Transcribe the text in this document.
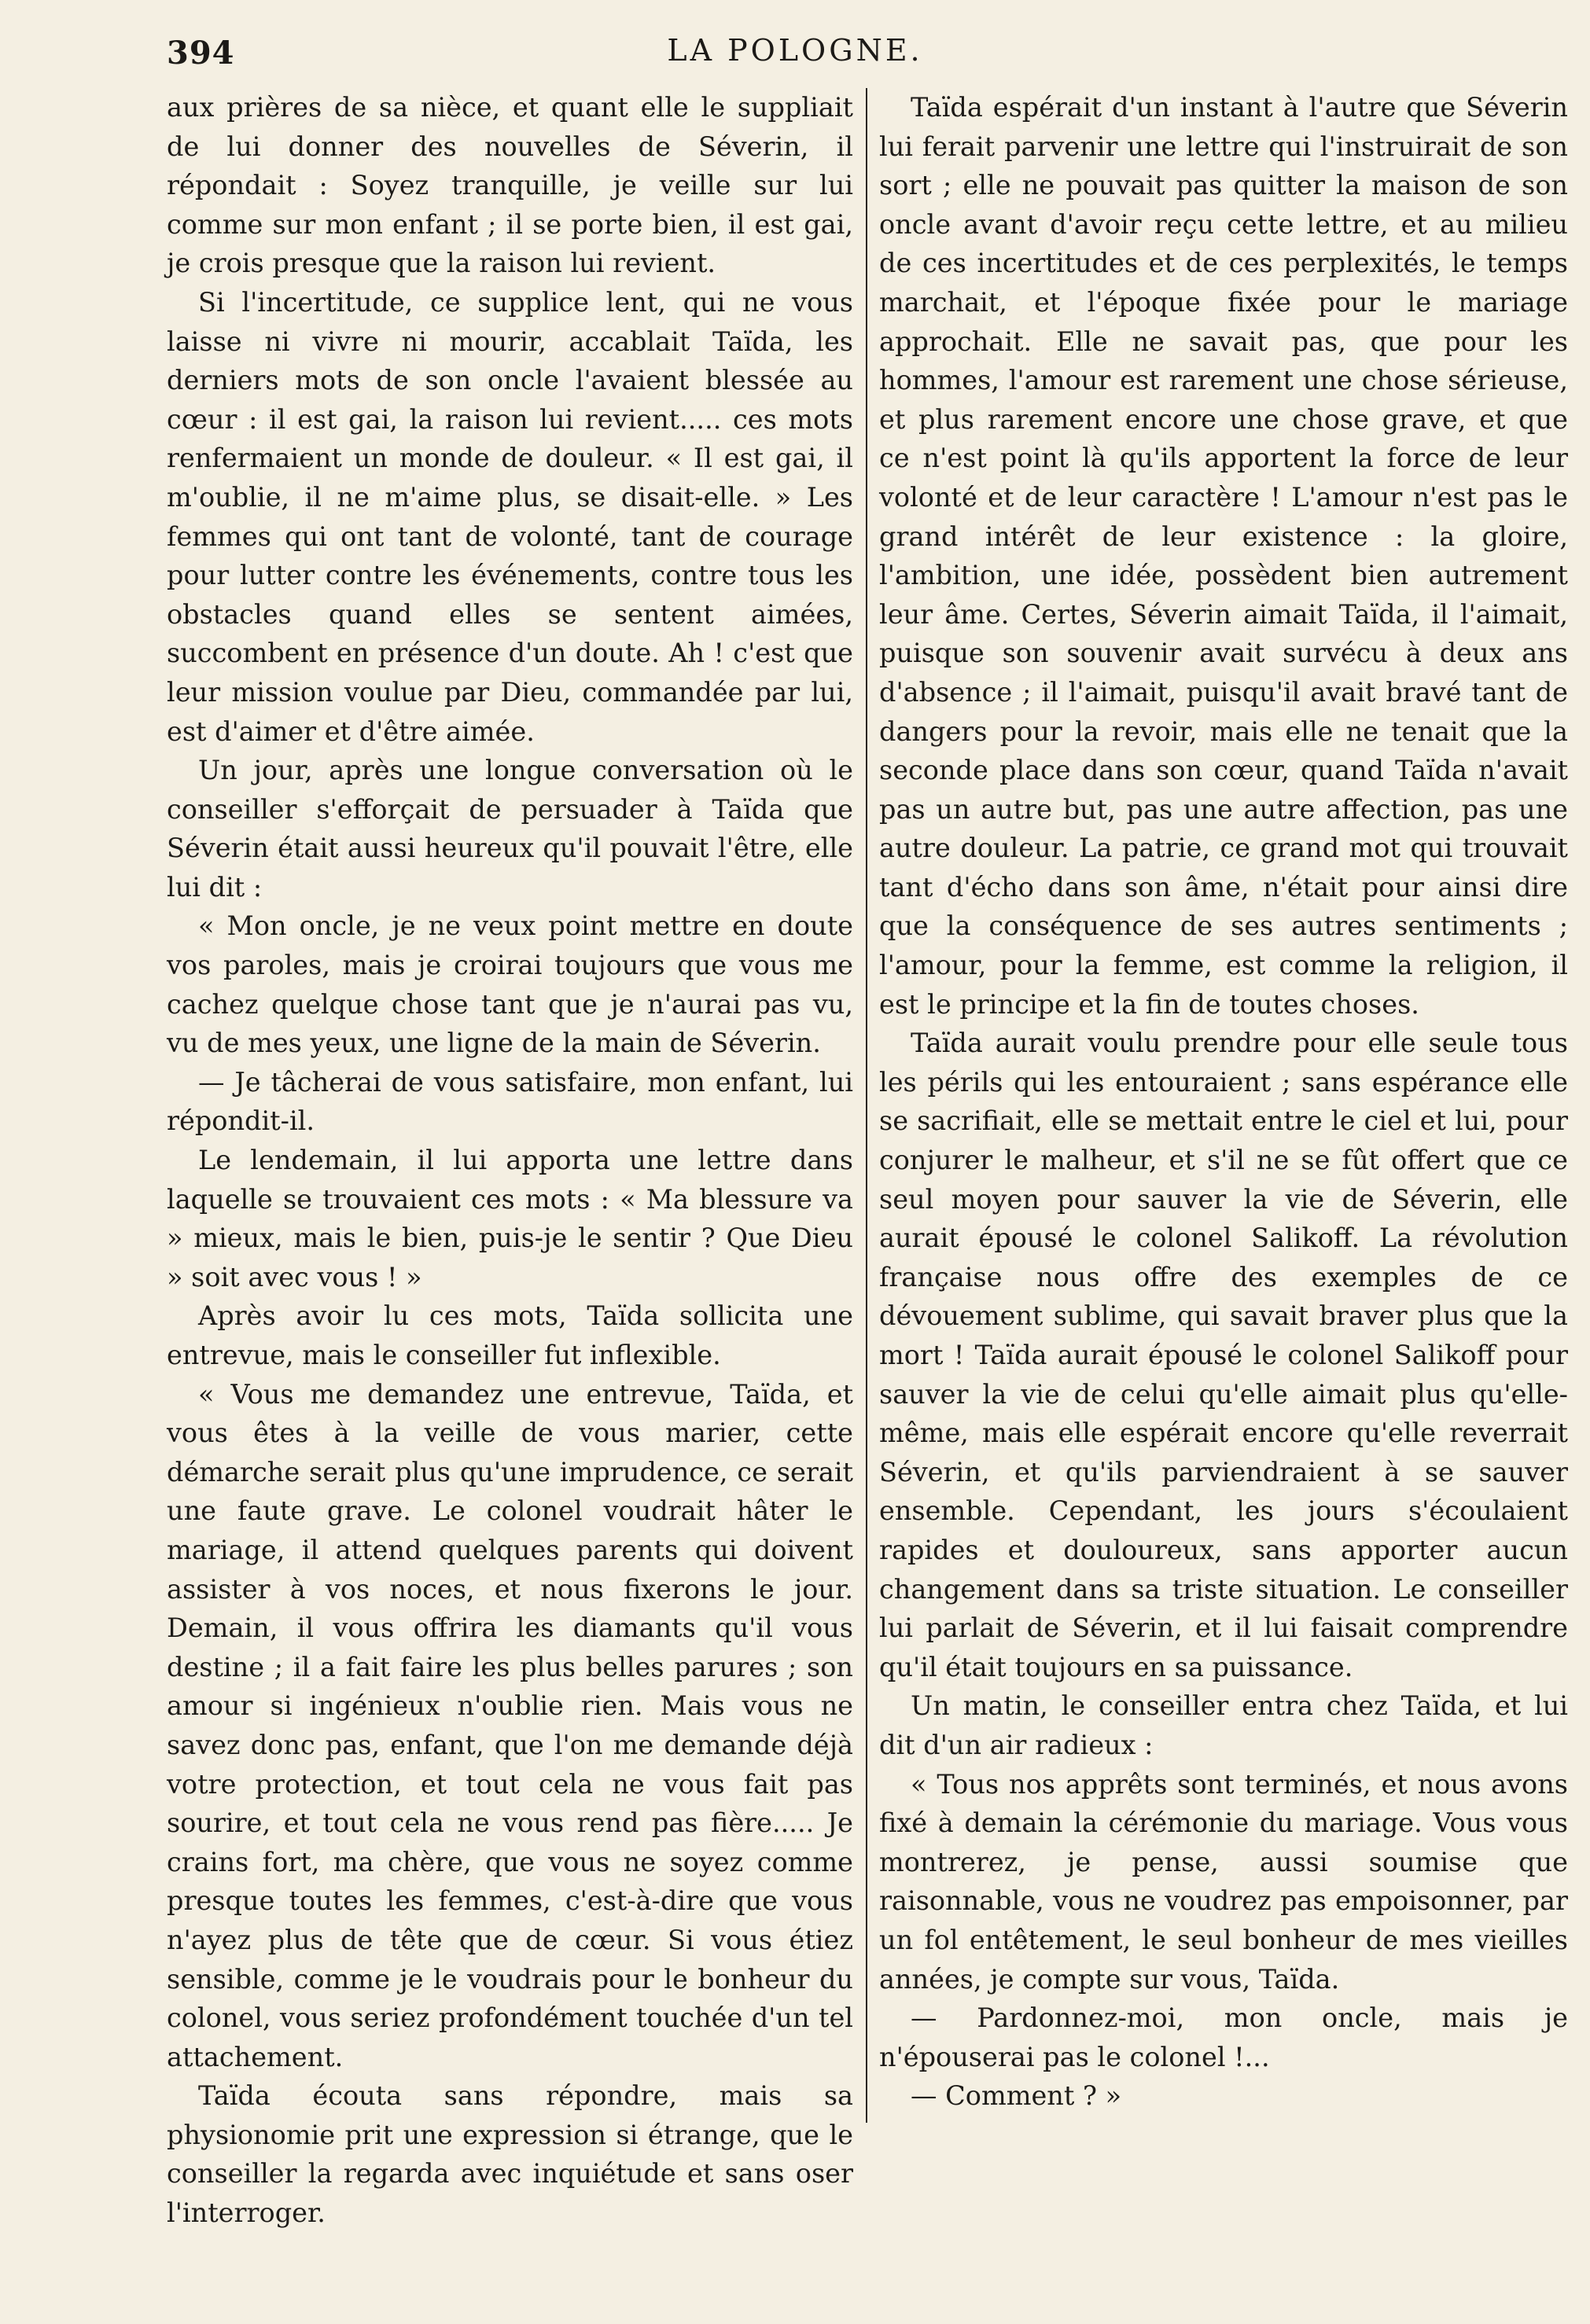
394	LA POLOGNE.

aux prières de sa nièce, et quant elle le suppliait de lui donner des nouvelles de Séverin, il répondait : Soyez tranquille, je veille sur lui comme sur mon enfant ; il se porte bien, il est gai, je crois presque que la raison lui revient.

Si l'incertitude, ce supplice lent, qui ne vous laisse ni vivre ni mourir, accablait Taïda, les derniers mots de son oncle l'avaient blessée au cœur : il est gai, la raison lui revient..... ces mots renfermaient un monde de douleur. « Il est gai, il m'oublie, il ne m'aime plus, se disait-elle. » Les femmes qui ont tant de volonté, tant de courage pour lutter contre les événements, contre tous les obstacles quand elles se sentent aimées, succombent en présence d'un doute. Ah ! c'est que leur mission voulue par Dieu, commandée par lui, est d'aimer et d'être aimée.

Un jour, après une longue conversation où le conseiller s'efforçait de persuader à Taïda que Séverin était aussi heureux qu'il pouvait l'être, elle lui dit :

« Mon oncle, je ne veux point mettre en doute vos paroles, mais je croirai toujours que vous me cachez quelque chose tant que je n'aurai pas vu, vu de mes yeux, une ligne de la main de Séverin.

— Je tâcherai de vous satisfaire, mon enfant, lui répondit-il.

Le lendemain, il lui apporta une lettre dans laquelle se trouvaient ces mots : « Ma blessure va » mieux, mais le bien, puis-je le sentir ? Que Dieu » soit avec vous ! »

Après avoir lu ces mots, Taïda sollicita une entrevue, mais le conseiller fut inflexible.

« Vous me demandez une entrevue, Taïda, et vous êtes à la veille de vous marier, cette démarche serait plus qu'une imprudence, ce serait une faute grave. Le colonel voudrait hâter le mariage, il attend quelques parents qui doivent assister à vos noces, et nous fixerons le jour. Demain, il vous offrira les diamants qu'il vous destine ; il a fait faire les plus belles parures ; son amour si ingénieux n'oublie rien. Mais vous ne savez donc pas, enfant, que l'on me demande déjà votre protection, et tout cela ne vous fait pas sourire, et tout cela ne vous rend pas fière..... Je crains fort, ma chère, que vous ne soyez comme presque toutes les femmes, c'est-à-dire que vous n'ayez plus de tête que de cœur. Si vous étiez sensible, comme je le voudrais pour le bonheur du colonel, vous seriez profondément touchée d'un tel attachement.

Taïda écouta sans répondre, mais sa physionomie prit une expression si étrange, que le conseiller la regarda avec inquiétude et sans oser l'interroger.

Taïda espérait d'un instant à l'autre que Séverin lui ferait parvenir une lettre qui l'instruirait de son sort ; elle ne pouvait pas quitter la maison de son oncle avant d'avoir reçu cette lettre, et au milieu de ces incertitudes et de ces perplexités, le temps marchait, et l'époque fixée pour le mariage approchait. Elle ne savait pas, que pour les hommes, l'amour est rarement une chose sérieuse, et plus rarement encore une chose grave, et que ce n'est point là qu'ils apportent la force de leur volonté et de leur caractère ! L'amour n'est pas le grand intérêt de leur existence : la gloire, l'ambition, une idée, possèdent bien autrement leur âme. Certes, Séverin aimait Taïda, il l'aimait, puisque son souvenir avait survécu à deux ans d'absence ; il l'aimait, puisqu'il avait bravé tant de dangers pour la revoir, mais elle ne tenait que la seconde place dans son cœur, quand Taïda n'avait pas un autre but, pas une autre affection, pas une autre douleur. La patrie, ce grand mot qui trouvait tant d'écho dans son âme, n'était pour ainsi dire que la conséquence de ses autres sentiments ; l'amour, pour la femme, est comme la religion, il est le principe et la fin de toutes choses.

Taïda aurait voulu prendre pour elle seule tous les périls qui les entouraient ; sans espérance elle se sacrifiait, elle se mettait entre le ciel et lui, pour conjurer le malheur, et s'il ne se fût offert que ce seul moyen pour sauver la vie de Séverin, elle aurait épousé le colonel Salikoff. La révolution française nous offre des exemples de ce dévouement sublime, qui savait braver plus que la mort ! Taïda aurait épousé le colonel Salikoff pour sauver la vie de celui qu'elle aimait plus qu'elle-même, mais elle espérait encore qu'elle reverrait Séverin, et qu'ils parviendraient à se sauver ensemble. Cependant, les jours s'écoulaient rapides et douloureux, sans apporter aucun changement dans sa triste situation. Le conseiller lui parlait de Séverin, et il lui faisait comprendre qu'il était toujours en sa puissance.

Un matin, le conseiller entra chez Taïda, et lui dit d'un air radieux :

« Tous nos apprêts sont terminés, et nous avons fixé à demain la cérémonie du mariage. Vous vous montrerez, je pense, aussi soumise que raisonnable, vous ne voudrez pas empoisonner, par un fol entêtement, le seul bonheur de mes vieilles années, je compte sur vous, Taïda.

— Pardonnez-moi, mon oncle, mais je n'épouserai pas le colonel !...

— Comment ? »
